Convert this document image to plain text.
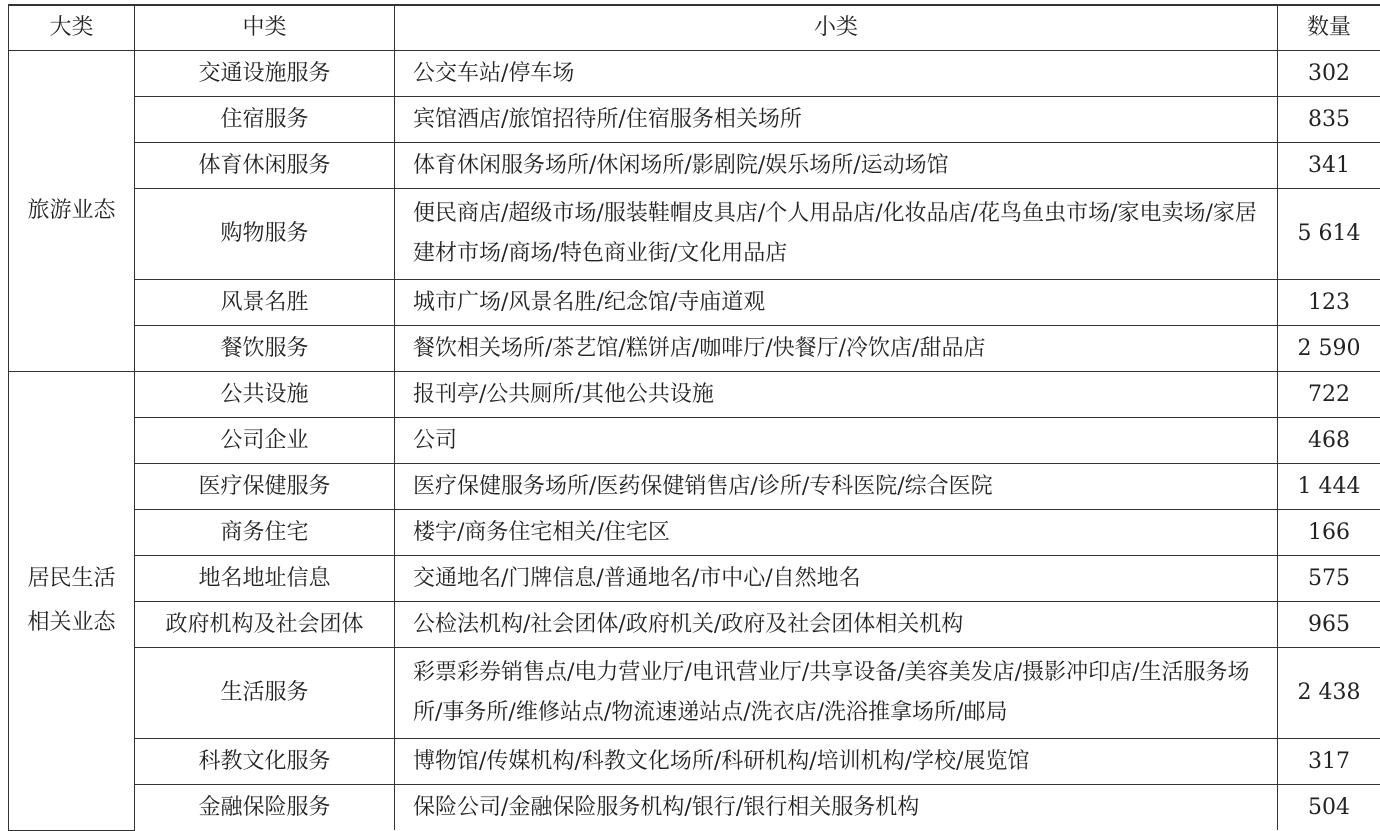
大类	中类	小类	数量
旅游业态	交通设施服务	公交车站/停车场	302
	住宿服务	宾馆酒店/旅馆招待所/住宿服务相关场所	835
	体育休闲服务	体育休闲服务场所/休闲场所/影剧院/娱乐场所/运动场馆	341
	购物服务	便民商店/超级市场/服装鞋帽皮具店/个人用品店/化妆品店/花鸟鱼虫市场/家电卖场/家居建材市场/商场/特色商业街/文化用品店	5 614
	风景名胜	城市广场/风景名胜/纪念馆/寺庙道观	123
	餐饮服务	餐饮相关场所/茶艺馆/糕饼店/咖啡厅/快餐厅/冷饮店/甜品店	2 590
居民生活相关业态	公共设施	报刊亭/公共厕所/其他公共设施	722
	公司企业	公司	468
	医疗保健服务	医疗保健服务场所/医药保健销售店/诊所/专科医院/综合医院	1 444
	商务住宅	楼宇/商务住宅相关/住宅区	166
	地名地址信息	交通地名/门牌信息/普通地名/市中心/自然地名	575
	政府机构及社会团体	公检法机构/社会团体/政府机关/政府及社会团体相关机构	965
	生活服务	彩票彩券销售点/电力营业厅/电讯营业厅/共享设备/美容美发店/摄影冲印店/生活服务场所/事务所/维修站点/物流速递站点/洗衣店/洗浴推拿场所/邮局	2 438
	科教文化服务	博物馆/传媒机构/科教文化场所/科研机构/培训机构/学校/展览馆	317
	金融保险服务	保险公司/金融保险服务机构/银行/银行相关服务机构	504
